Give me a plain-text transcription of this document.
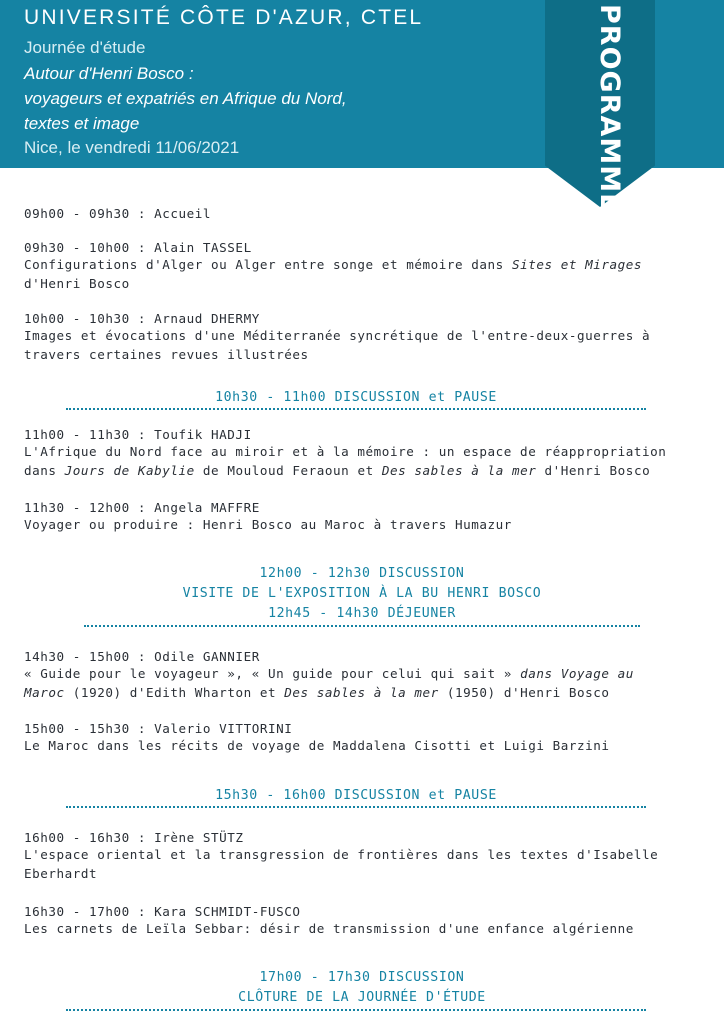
PROGRAMME
UNIVERSITÉ CÔTE D'AZUR, CTEL
Journée d'étude
Autour d'Henri Bosco :
voyageurs et expatriés en Afrique du Nord,
textes et image
Nice, le vendredi 11/06/2021
09h00 - 09h30 : Accueil
09h30 - 10h00 : Alain TASSEL
Configurations d'Alger ou Alger entre songe et mémoire dans Sites et Mirages
d'Henri Bosco
10h00 - 10h30 : Arnaud DHERMY
Images et évocations d'une Méditerranée syncrétique de l'entre-deux-guerres à
travers certaines revues illustrées
10h30 - 11h00 DISCUSSION et PAUSE
11h00 - 11h30 : Toufik HADJI
L'Afrique du Nord face au miroir et à la mémoire : un espace de réappropriation
dans Jours de Kabylie de Mouloud Feraoun et Des sables à la mer d'Henri Bosco
11h30 - 12h00 : Angela MAFFRE
Voyager ou produire : Henri Bosco au Maroc à travers Humazur
12h00 - 12h30 DISCUSSION
VISITE DE L'EXPOSITION À LA BU HENRI BOSCO
12h45 - 14h30 DÉJEUNER
14h30 - 15h00 : Odile GANNIER
« Guide pour le voyageur », « Un guide pour celui qui sait » dans Voyage au
Maroc (1920) d'Edith Wharton et Des sables à la mer (1950) d'Henri Bosco
15h00 - 15h30 : Valerio VITTORINI
Le Maroc dans les récits de voyage de Maddalena Cisotti et Luigi Barzini
15h30 - 16h00 DISCUSSION et PAUSE
16h00 - 16h30 : Irène STÜTZ
L'espace oriental et la transgression de frontières dans les textes d'Isabelle
Eberhardt
16h30 - 17h00 : Kara SCHMIDT-FUSCO
Les carnets de Leïla Sebbar: désir de transmission d'une enfance algérienne
17h00 - 17h30 DISCUSSION
CLÔTURE DE LA JOURNÉE D'ÉTUDE
